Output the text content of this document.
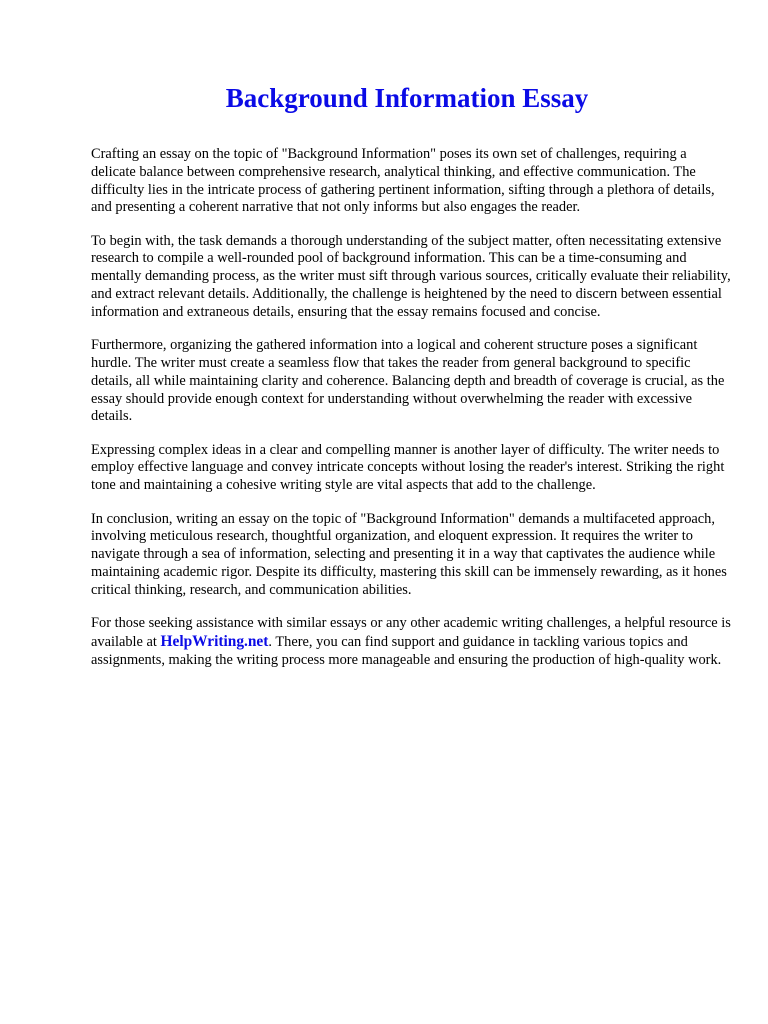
Background Information Essay

Crafting an essay on the topic of "Background Information" poses its own set of challenges, requiring a delicate balance between comprehensive research, analytical thinking, and effective communication. The difficulty lies in the intricate process of gathering pertinent information, sifting through a plethora of details, and presenting a coherent narrative that not only informs but also engages the reader.

To begin with, the task demands a thorough understanding of the subject matter, often necessitating extensive research to compile a well-rounded pool of background information. This can be a time-consuming and mentally demanding process, as the writer must sift through various sources, critically evaluate their reliability, and extract relevant details. Additionally, the challenge is heightened by the need to discern between essential information and extraneous details, ensuring that the essay remains focused and concise.

Furthermore, organizing the gathered information into a logical and coherent structure poses a significant hurdle. The writer must create a seamless flow that takes the reader from general background to specific details, all while maintaining clarity and coherence. Balancing depth and breadth of coverage is crucial, as the essay should provide enough context for understanding without overwhelming the reader with excessive details.

Expressing complex ideas in a clear and compelling manner is another layer of difficulty. The writer needs to employ effective language and convey intricate concepts without losing the reader's interest. Striking the right tone and maintaining a cohesive writing style are vital aspects that add to the challenge.

In conclusion, writing an essay on the topic of "Background Information" demands a multifaceted approach, involving meticulous research, thoughtful organization, and eloquent expression. It requires the writer to navigate through a sea of information, selecting and presenting it in a way that captivates the audience while maintaining academic rigor. Despite its difficulty, mastering this skill can be immensely rewarding, as it hones critical thinking, research, and communication abilities.

For those seeking assistance with similar essays or any other academic writing challenges, a helpful resource is available at HelpWriting.net. There, you can find support and guidance in tackling various topics and assignments, making the writing process more manageable and ensuring the production of high-quality work.
